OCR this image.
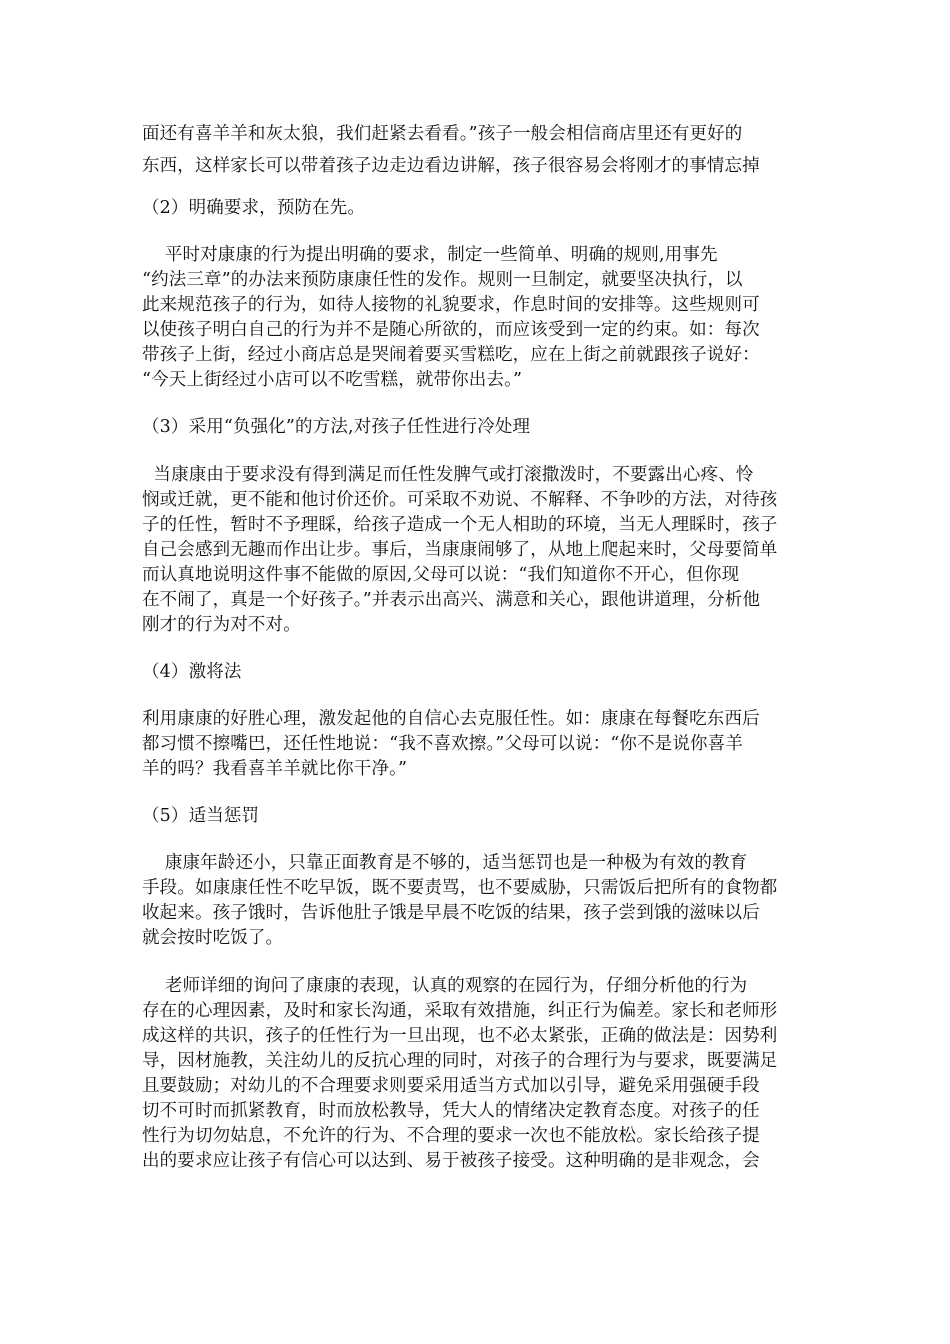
面还有喜羊羊和灰太狼，我们赶紧去看看。”孩子一般会相信商店里还有更好的
东西，这样家长可以带着孩子边走边看边讲解，孩子很容易会将刚才的事情忘掉
（2）明确要求，预防在先。
平时对康康的行为提出明确的要求，制定一些简单、明确的规则,用事先
“约法三章”的办法来预防康康任性的发作。规则一旦制定，就要坚决执行，以
此来规范孩子的行为，如待人接物的礼貌要求，作息时间的安排等。这些规则可
以使孩子明白自己的行为并不是随心所欲的，而应该受到一定的约束。如：每次
带孩子上街，经过小商店总是哭闹着要买雪糕吃，应在上街之前就跟孩子说好：
“今天上街经过小店可以不吃雪糕，就带你出去。”
（3）采用“负强化”的方法,对孩子任性进行冷处理
当康康由于要求没有得到满足而任性发脾气或打滚撒泼时，不要露出心疼、怜
悯或迁就，更不能和他讨价还价。可采取不劝说、不解释、不争吵的方法，对待孩
子的任性，暂时不予理睬，给孩子造成一个无人相助的环境，当无人理睬时，孩子
自己会感到无趣而作出让步。事后，当康康闹够了，从地上爬起来时，父母要简单
而认真地说明这件事不能做的原因,父母可以说：“我们知道你不开心，但你现
在不闹了，真是一个好孩子。”并表示出高兴、满意和关心，跟他讲道理，分析他
刚才的行为对不对。
（4）激将法
利用康康的好胜心理，激发起他的自信心去克服任性。如：康康在每餐吃东西后
都习惯不擦嘴巴，还任性地说：“我不喜欢擦。”父母可以说：“你不是说你喜羊
羊的吗？我看喜羊羊就比你干净。”
（5）适当惩罚
康康年龄还小，只靠正面教育是不够的，适当惩罚也是一种极为有效的教育
手段。如康康任性不吃早饭，既不要责骂，也不要威胁，只需饭后把所有的食物都
收起来。孩子饿时，告诉他肚子饿是早晨不吃饭的结果，孩子尝到饿的滋味以后
就会按时吃饭了。
老师详细的询问了康康的表现，认真的观察的在园行为，仔细分析他的行为
存在的心理因素，及时和家长沟通，采取有效措施，纠正行为偏差。家长和老师形
成这样的共识，孩子的任性行为一旦出现，也不必太紧张，正确的做法是：因势利
导，因材施教，关注幼儿的反抗心理的同时，对孩子的合理行为与要求，既要满足
且要鼓励；对幼儿的不合理要求则要采用适当方式加以引导，避免采用强硬手段
切不可时而抓紧教育，时而放松教导，凭大人的情绪决定教育态度。对孩子的任
性行为切勿姑息，不允许的行为、不合理的要求一次也不能放松。家长给孩子提
出的要求应让孩子有信心可以达到、易于被孩子接受。这种明确的是非观念，会
